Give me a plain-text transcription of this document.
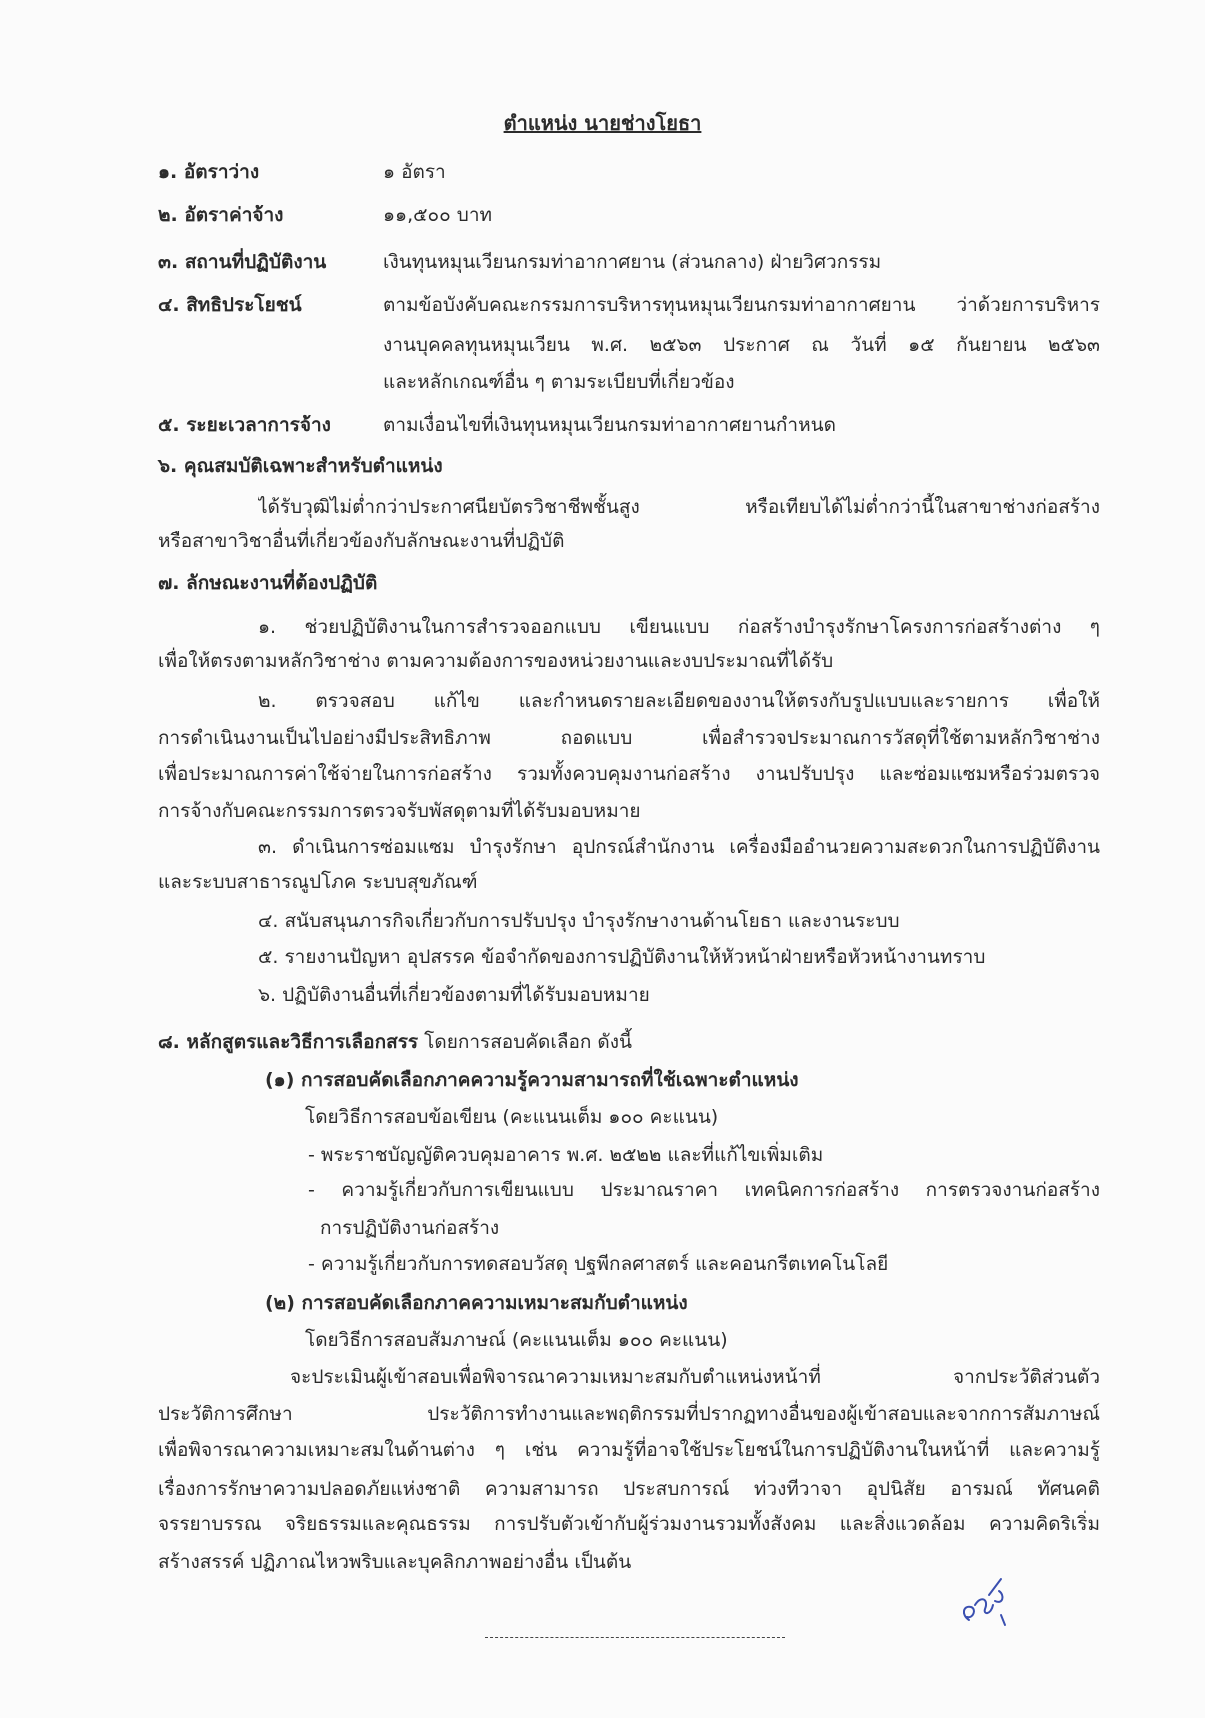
ตำแหน่ง นายช่างโยธา
๑. อัตราว่าง	๑ อัตรา
๒. อัตราค่าจ้าง	๑๑,๕๐๐ บาท
๓. สถานที่ปฏิบัติงาน	เงินทุนหมุนเวียนกรมท่าอากาศยาน (ส่วนกลาง) ฝ่ายวิศวกรรม
๔. สิทธิประโยชน์	ตามข้อบังคับคณะกรรมการบริหารทุนหมุนเวียนกรมท่าอากาศยาน ว่าด้วยการบริหาร
งานบุคคลทุนหมุนเวียน พ.ศ. ๒๕๖๓ ประกาศ ณ วันที่ ๑๕ กันยายน ๒๕๖๓
และหลักเกณฑ์อื่น ๆ ตามระเบียบที่เกี่ยวข้อง
๕. ระยะเวลาการจ้าง	ตามเงื่อนไขที่เงินทุนหมุนเวียนกรมท่าอากาศยานกำหนด
๖. คุณสมบัติเฉพาะสำหรับตำแหน่ง
ได้รับวุฒิไม่ต่ำกว่าประกาศนียบัตรวิชาชีพชั้นสูง หรือเทียบได้ไม่ต่ำกว่านี้ในสาขาช่างก่อสร้าง
หรือสาขาวิชาอื่นที่เกี่ยวข้องกับลักษณะงานที่ปฏิบัติ
๗. ลักษณะงานที่ต้องปฏิบัติ
๑. ช่วยปฏิบัติงานในการสำรวจออกแบบ เขียนแบบ ก่อสร้างบำรุงรักษาโครงการก่อสร้างต่าง ๆ
เพื่อให้ตรงตามหลักวิชาช่าง ตามความต้องการของหน่วยงานและงบประมาณที่ได้รับ
๒. ตรวจสอบ แก้ไข และกำหนดรายละเอียดของงานให้ตรงกับรูปแบบและรายการ เพื่อให้
การดำเนินงานเป็นไปอย่างมีประสิทธิภาพ ถอดแบบ เพื่อสำรวจประมาณการวัสดุที่ใช้ตามหลักวิชาช่าง
เพื่อประมาณการค่าใช้จ่ายในการก่อสร้าง รวมทั้งควบคุมงานก่อสร้าง งานปรับปรุง และซ่อมแซมหรือร่วมตรวจ
การจ้างกับคณะกรรมการตรวจรับพัสดุตามที่ได้รับมอบหมาย
๓. ดำเนินการซ่อมแซม บำรุงรักษา อุปกรณ์สำนักงาน เครื่องมืออำนวยความสะดวกในการปฏิบัติงาน
และระบบสาธารณูปโภค ระบบสุขภัณฑ์
๔. สนับสนุนภารกิจเกี่ยวกับการปรับปรุง บำรุงรักษางานด้านโยธา และงานระบบ
๕. รายงานปัญหา อุปสรรค ข้อจำกัดของการปฏิบัติงานให้หัวหน้าฝ่ายหรือหัวหน้างานทราบ
๖. ปฏิบัติงานอื่นที่เกี่ยวข้องตามที่ได้รับมอบหมาย
๘. หลักสูตรและวิธีการเลือกสรร โดยการสอบคัดเลือก ดังนี้
(๑) การสอบคัดเลือกภาคความรู้ความสามารถที่ใช้เฉพาะตำแหน่ง
โดยวิธีการสอบข้อเขียน (คะแนนเต็ม ๑๐๐ คะแนน)
- พระราชบัญญัติควบคุมอาคาร พ.ศ. ๒๕๒๒ และที่แก้ไขเพิ่มเติม
- ความรู้เกี่ยวกับการเขียนแบบ ประมาณราคา เทคนิคการก่อสร้าง การตรวจงานก่อสร้าง
การปฏิบัติงานก่อสร้าง
- ความรู้เกี่ยวกับการทดสอบวัสดุ ปฐพีกลศาสตร์ และคอนกรีตเทคโนโลยี
(๒) การสอบคัดเลือกภาคความเหมาะสมกับตำแหน่ง
โดยวิธีการสอบสัมภาษณ์ (คะแนนเต็ม ๑๐๐ คะแนน)
จะประเมินผู้เข้าสอบเพื่อพิจารณาความเหมาะสมกับตำแหน่งหน้าที่ จากประวัติส่วนตัว
ประวัติการศึกษา ประวัติการทำงานและพฤติกรรมที่ปรากฏทางอื่นของผู้เข้าสอบและจากการสัมภาษณ์
เพื่อพิจารณาความเหมาะสมในด้านต่าง ๆ เช่น ความรู้ที่อาจใช้ประโยชน์ในการปฏิบัติงานในหน้าที่ และความรู้
เรื่องการรักษาความปลอดภัยแห่งชาติ ความสามารถ ประสบการณ์ ท่วงทีวาจา อุปนิสัย อารมณ์ ทัศนคติ
จรรยาบรรณ จริยธรรมและคุณธรรม การปรับตัวเข้ากับผู้ร่วมงานรวมทั้งสังคม และสิ่งแวดล้อม ความคิดริเริ่ม
สร้างสรรค์ ปฏิภาณไหวพริบและบุคลิกภาพอย่างอื่น เป็นต้น
